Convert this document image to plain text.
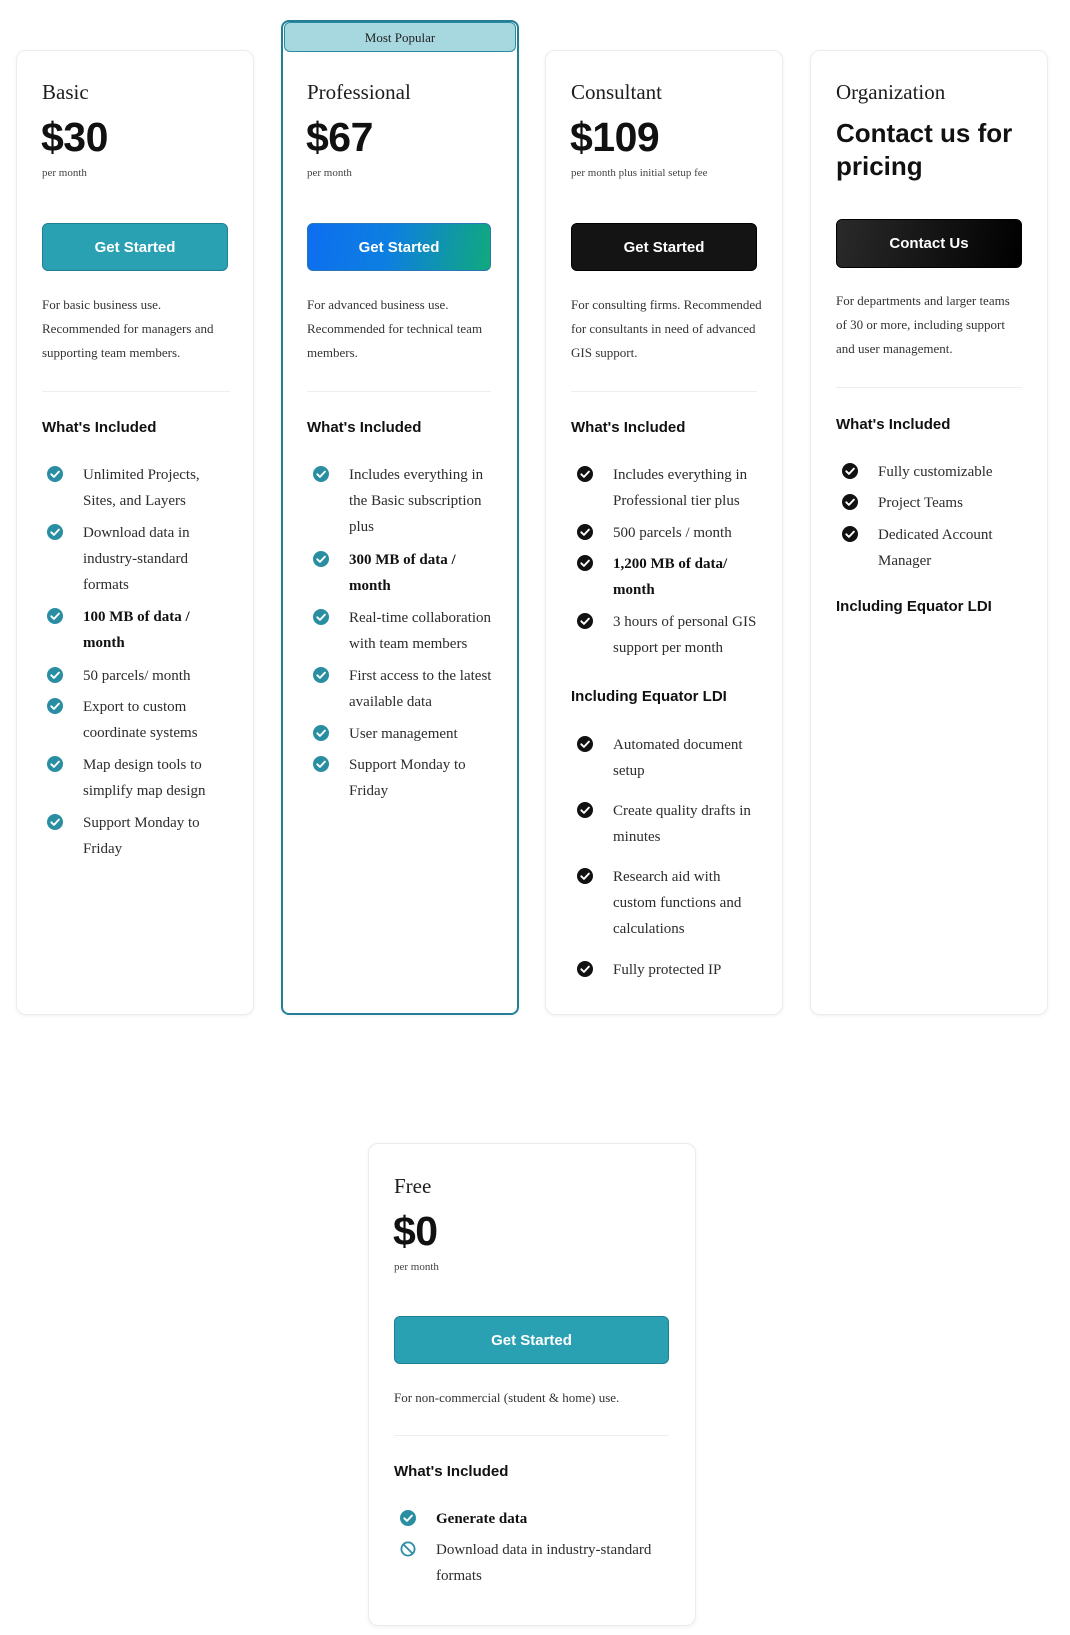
Basic
$30
per month
Get Started
For basic business use. Recommended for managers and supporting team members.
What's Included
Unlimited Projects, Sites, and Layers
Download data in industry-standard formats
100 MB of data / month
50 parcels/ month
Export to custom coordinate systems
Map design tools to simplify map design
Support Monday to Friday
Most Popular
Professional
$67
per month
Get Started
For advanced business use. Recommended for technical team members.
What's Included
Includes everything in the Basic subscription plus
300 MB of data / month
Real-time collaboration with team members
First access to the latest available data
User management
Support Monday to Friday
Consultant
$109
per month plus initial setup fee
Get Started
For consulting firms. Recommended for consultants in need of advanced GIS support.
What's Included
Includes everything in Professional tier plus
500 parcels / month
1,200 MB of data/ month
3 hours of personal GIS support per month
Including Equator LDI
Automated document setup
Create quality drafts in minutes
Research aid with custom functions and calculations
Fully protected IP
Organization
Contact us for pricing
Contact Us
For departments and larger teams of 30 or more, including support and user management.
What's Included
Fully customizable
Project Teams
Dedicated Account Manager
Including Equator LDI
Free
$0
per month
Get Started
For non-commercial (student & home) use.
What's Included
Generate data
Download data in industry-standard formats
